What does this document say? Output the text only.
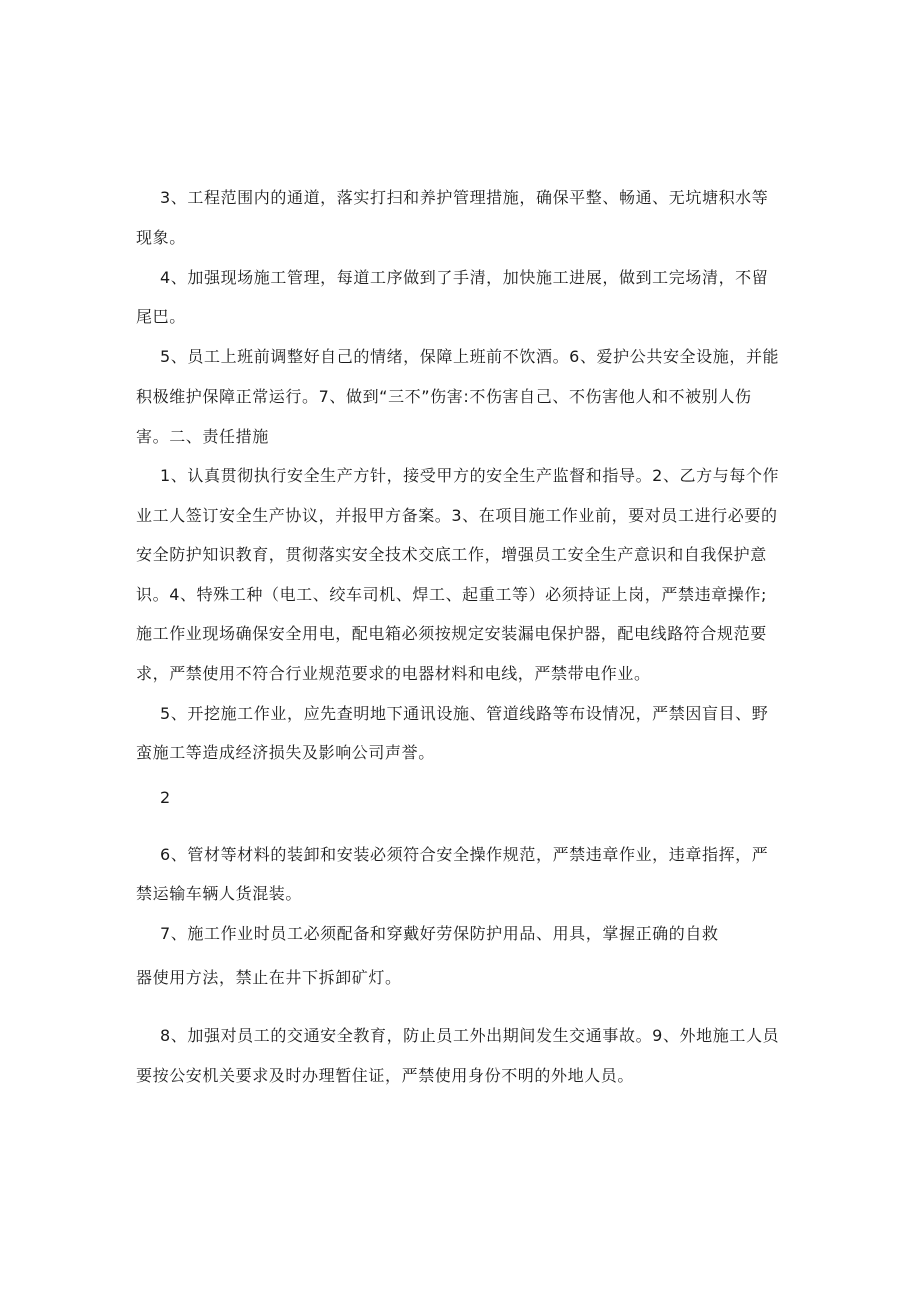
3、工程范围内的通道，落实打扫和养护管理措施，确保平整、畅通、无坑塘积水等
现象。
4、加强现场施工管理，每道工序做到了手清，加快施工进展，做到工完场清，不留
尾巴。
5、员工上班前调整好自己的情绪，保障上班前不饮酒。6、爱护公共安全设施，并能
积极维护保障正常运行。7、做到“三不”伤害:不伤害自己、不伤害他人和不被别人伤
害。二、责任措施
1、认真贯彻执行安全生产方针，接受甲方的安全生产监督和指导。2、乙方与每个作
业工人签订安全生产协议，并报甲方备案。3、在项目施工作业前，要对员工进行必要的
安全防护知识教育，贯彻落实安全技术交底工作，增强员工安全生产意识和自我保护意
识。4、特殊工种（电工、绞车司机、焊工、起重工等）必须持证上岗，严禁违章操作;
施工作业现场确保安全用电，配电箱必须按规定安装漏电保护器，配电线路符合规范要
求，严禁使用不符合行业规范要求的电器材料和电线，严禁带电作业。
5、开挖施工作业，应先查明地下通讯设施、管道线路等布设情况，严禁因盲目、野
蛮施工等造成经济损失及影响公司声誉。
2
6、管材等材料的装卸和安装必须符合安全操作规范，严禁违章作业，违章指挥，严
禁运输车辆人货混装。
7、施工作业时员工必须配备和穿戴好劳保防护用品、用具，掌握正确的自救
器使用方法，禁止在井下拆卸矿灯。
8、加强对员工的交通安全教育，防止员工外出期间发生交通事故。9、外地施工人员
要按公安机关要求及时办理暂住证，严禁使用身份不明的外地人员。
